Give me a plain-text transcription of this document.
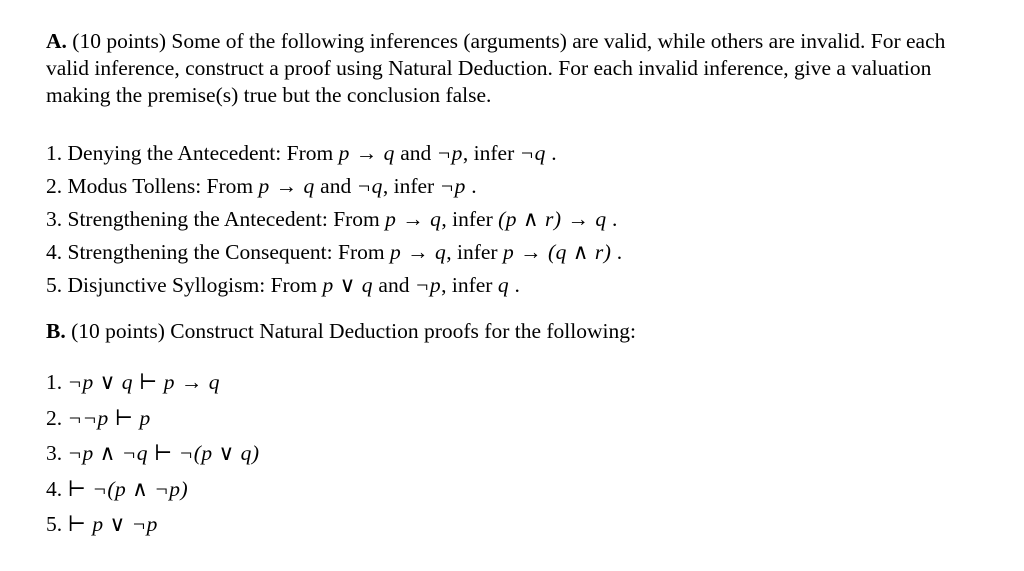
A. (10 points) Some of the following inferences (arguments) are valid, while others are invalid. For each valid inference, construct a proof using Natural Deduction. For each invalid inference, give a valuation making the premise(s) true but the conclusion false.

1. Denying the Antecedent: From p → q and ¬p, infer ¬q .
2. Modus Tollens: From p → q and ¬q, infer ¬p .
3. Strengthening the Antecedent: From p → q, infer (p ∧ r) → q .
4. Strengthening the Consequent: From p → q, infer p → (q ∧ r) .
5. Disjunctive Syllogism: From p ∨ q and ¬p, infer q .

B. (10 points) Construct Natural Deduction proofs for the following:

1. ¬p ∨ q ⊢ p → q
2. ¬¬p ⊢ p
3. ¬p ∧ ¬q ⊢ ¬(p ∨ q)
4. ⊢ ¬(p ∧ ¬p)
5. ⊢ p ∨ ¬p
